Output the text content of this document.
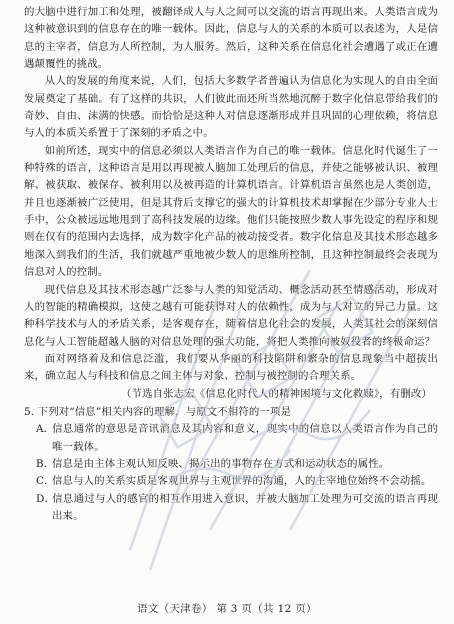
的大脑中进行加工和处理，被翻译成人与人之间可以交流的语言再现出来。人类语言成为这种被意识到的信息存在的唯一载体。因此，信息与人的关系的本质可以表述为，人是信息的主宰者，信息为人所控制，为人服务。然后，这种关系在信息化社会遭遇了或正在遭遇颠覆性的挑战。

从人的发展的角度来说，人们，包括大多数学者普遍认为信息化为实现人的自由全面发展奠定了基础。有了这样的共识，人们彼此而还所当然地沉醉于数字化信息带给我们的奇妙、自由、沫满的快感。而恰恰是这种人对信息逐渐形成并且巩固的心理依赖，将信息与人的本质关系置于了深刻的矛盾之中。

如前所述，现实中的信息必须以人类语言作为自己的唯一载体。信息化时代诞生了一种特殊的语言，这种语言是用以再现被人脑加工处理后的信息，并使之能够被认识、被理解、被获取、被保存、被利用以及被再造的计算机语言。计算机语言虽然也是人类创造，并且也逐渐被广泛使用，但是其背后支撑它的强大的计算机技术却掌握在少部分专业人士手中，公众被远远地甩到了高科技发展的边缘。他们只能按照少数人事先设定的程序和规则在仅有的范围内去选择，成为数字化产品的被动接受者。数字化信息及其技术形态越多地深入到我们的生活，我们就越严重地被少数人的思维所控制，且这种控制最终会表现为信息对人的控制。

现代信息及其技术形态越广泛参与人类的知觉活动、概念活动甚至情感活动，形成对人的智能的精确模拟，这使之越有可能获得对人的依赖性，成为与人对立的异己力量。这种科学技术与人的矛盾关系，是客观存在，随着信息化社会的发展，人类其社会的深刻信息化与人工智能超越人脑的对信息处理的强大功能，将把人类推向被奴役者的终极命运？

面对网络着及和信息泛滥，我们要从华丽的科技陷阱和繁杂的信息现象当中超拔出来，确立起人与科技和信息之间主体与对象、控制与被控制的合理关系。

（节选自张志宏《信息化时代人的精神困境与文化救赎》，有删改）

5. 下列对“信息”相关内容的理解，与原文不相符的一项是

A．信息通常的意思是音讯消息及其内容和意义，现实中的信息以人类语言作为自己的唯一载体。

B．信息是由主体主观认知反映、揭示出的事物存在方式和运动状态的属性。

C．信息与人的关系实质是客观世界与主观世界的沟通，人的主宰地位始终不会动摇。

D．信息通过与人的感官的相互作用进入意识，并被大脑加工处理为可交流的语言再现出来。

语文（天津卷） 第 3 页（共 12 页）
